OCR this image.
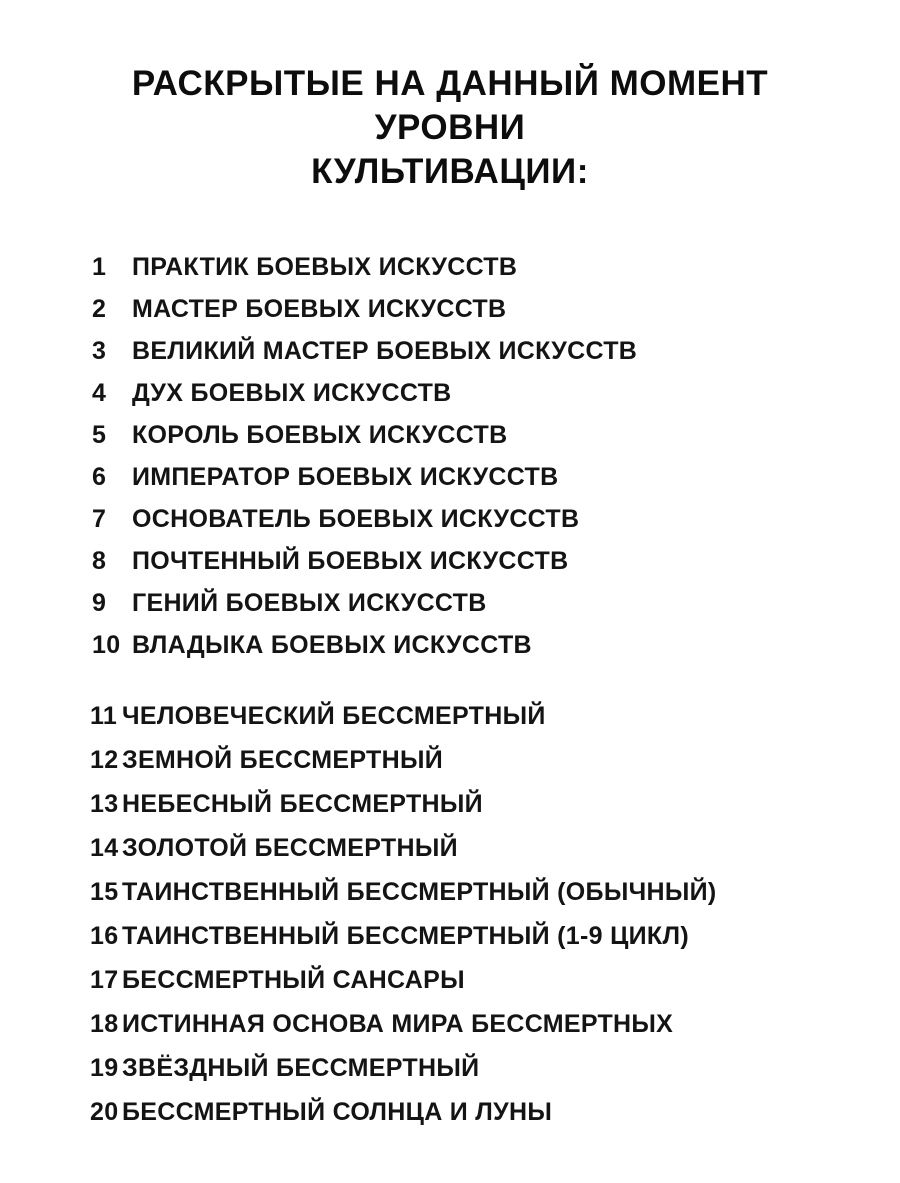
РАСКРЫТЫЕ НА ДАННЫЙ МОМЕНТ УРОВНИ
КУЛЬТИВАЦИИ:
1	ПРАКТИК БОЕВЫХ ИСКУССТВ
2	МАСТЕР БОЕВЫХ ИСКУССТВ
3	ВЕЛИКИЙ МАСТЕР БОЕВЫХ ИСКУССТВ
4	ДУХ БОЕВЫХ ИСКУССТВ
5	КОРОЛЬ БОЕВЫХ ИСКУССТВ
6	ИМПЕРАТОР БОЕВЫХ ИСКУССТВ
7	ОСНОВАТЕЛЬ БОЕВЫХ ИСКУССТВ
8	ПОЧТЕННЫЙ БОЕВЫХ ИСКУССТВ
9	ГЕНИЙ БОЕВЫХ ИСКУССТВ
10 ВЛАДЫКА БОЕВЫХ ИСКУССТВ
11 ЧЕЛОВЕЧЕСКИЙ БЕССМЕРТНЫЙ
12 ЗЕМНОЙ БЕССМЕРТНЫЙ
13 НЕБЕСНЫЙ БЕССМЕРТНЫЙ
14 ЗОЛОТОЙ БЕССМЕРТНЫЙ
15 ТАИНСТВЕННЫЙ БЕССМЕРТНЫЙ (ОБЫЧНЫЙ)
16 ТАИНСТВЕННЫЙ БЕССМЕРТНЫЙ (1-9 ЦИКЛ)
17 БЕССМЕРТНЫЙ САНСАРЫ
18 ИСТИННАЯ ОСНОВА МИРА БЕССМЕРТНЫХ
19 ЗВЁЗДНЫЙ БЕССМЕРТНЫЙ
20 БЕССМЕРТНЫЙ СОЛНЦА И ЛУНЫ
